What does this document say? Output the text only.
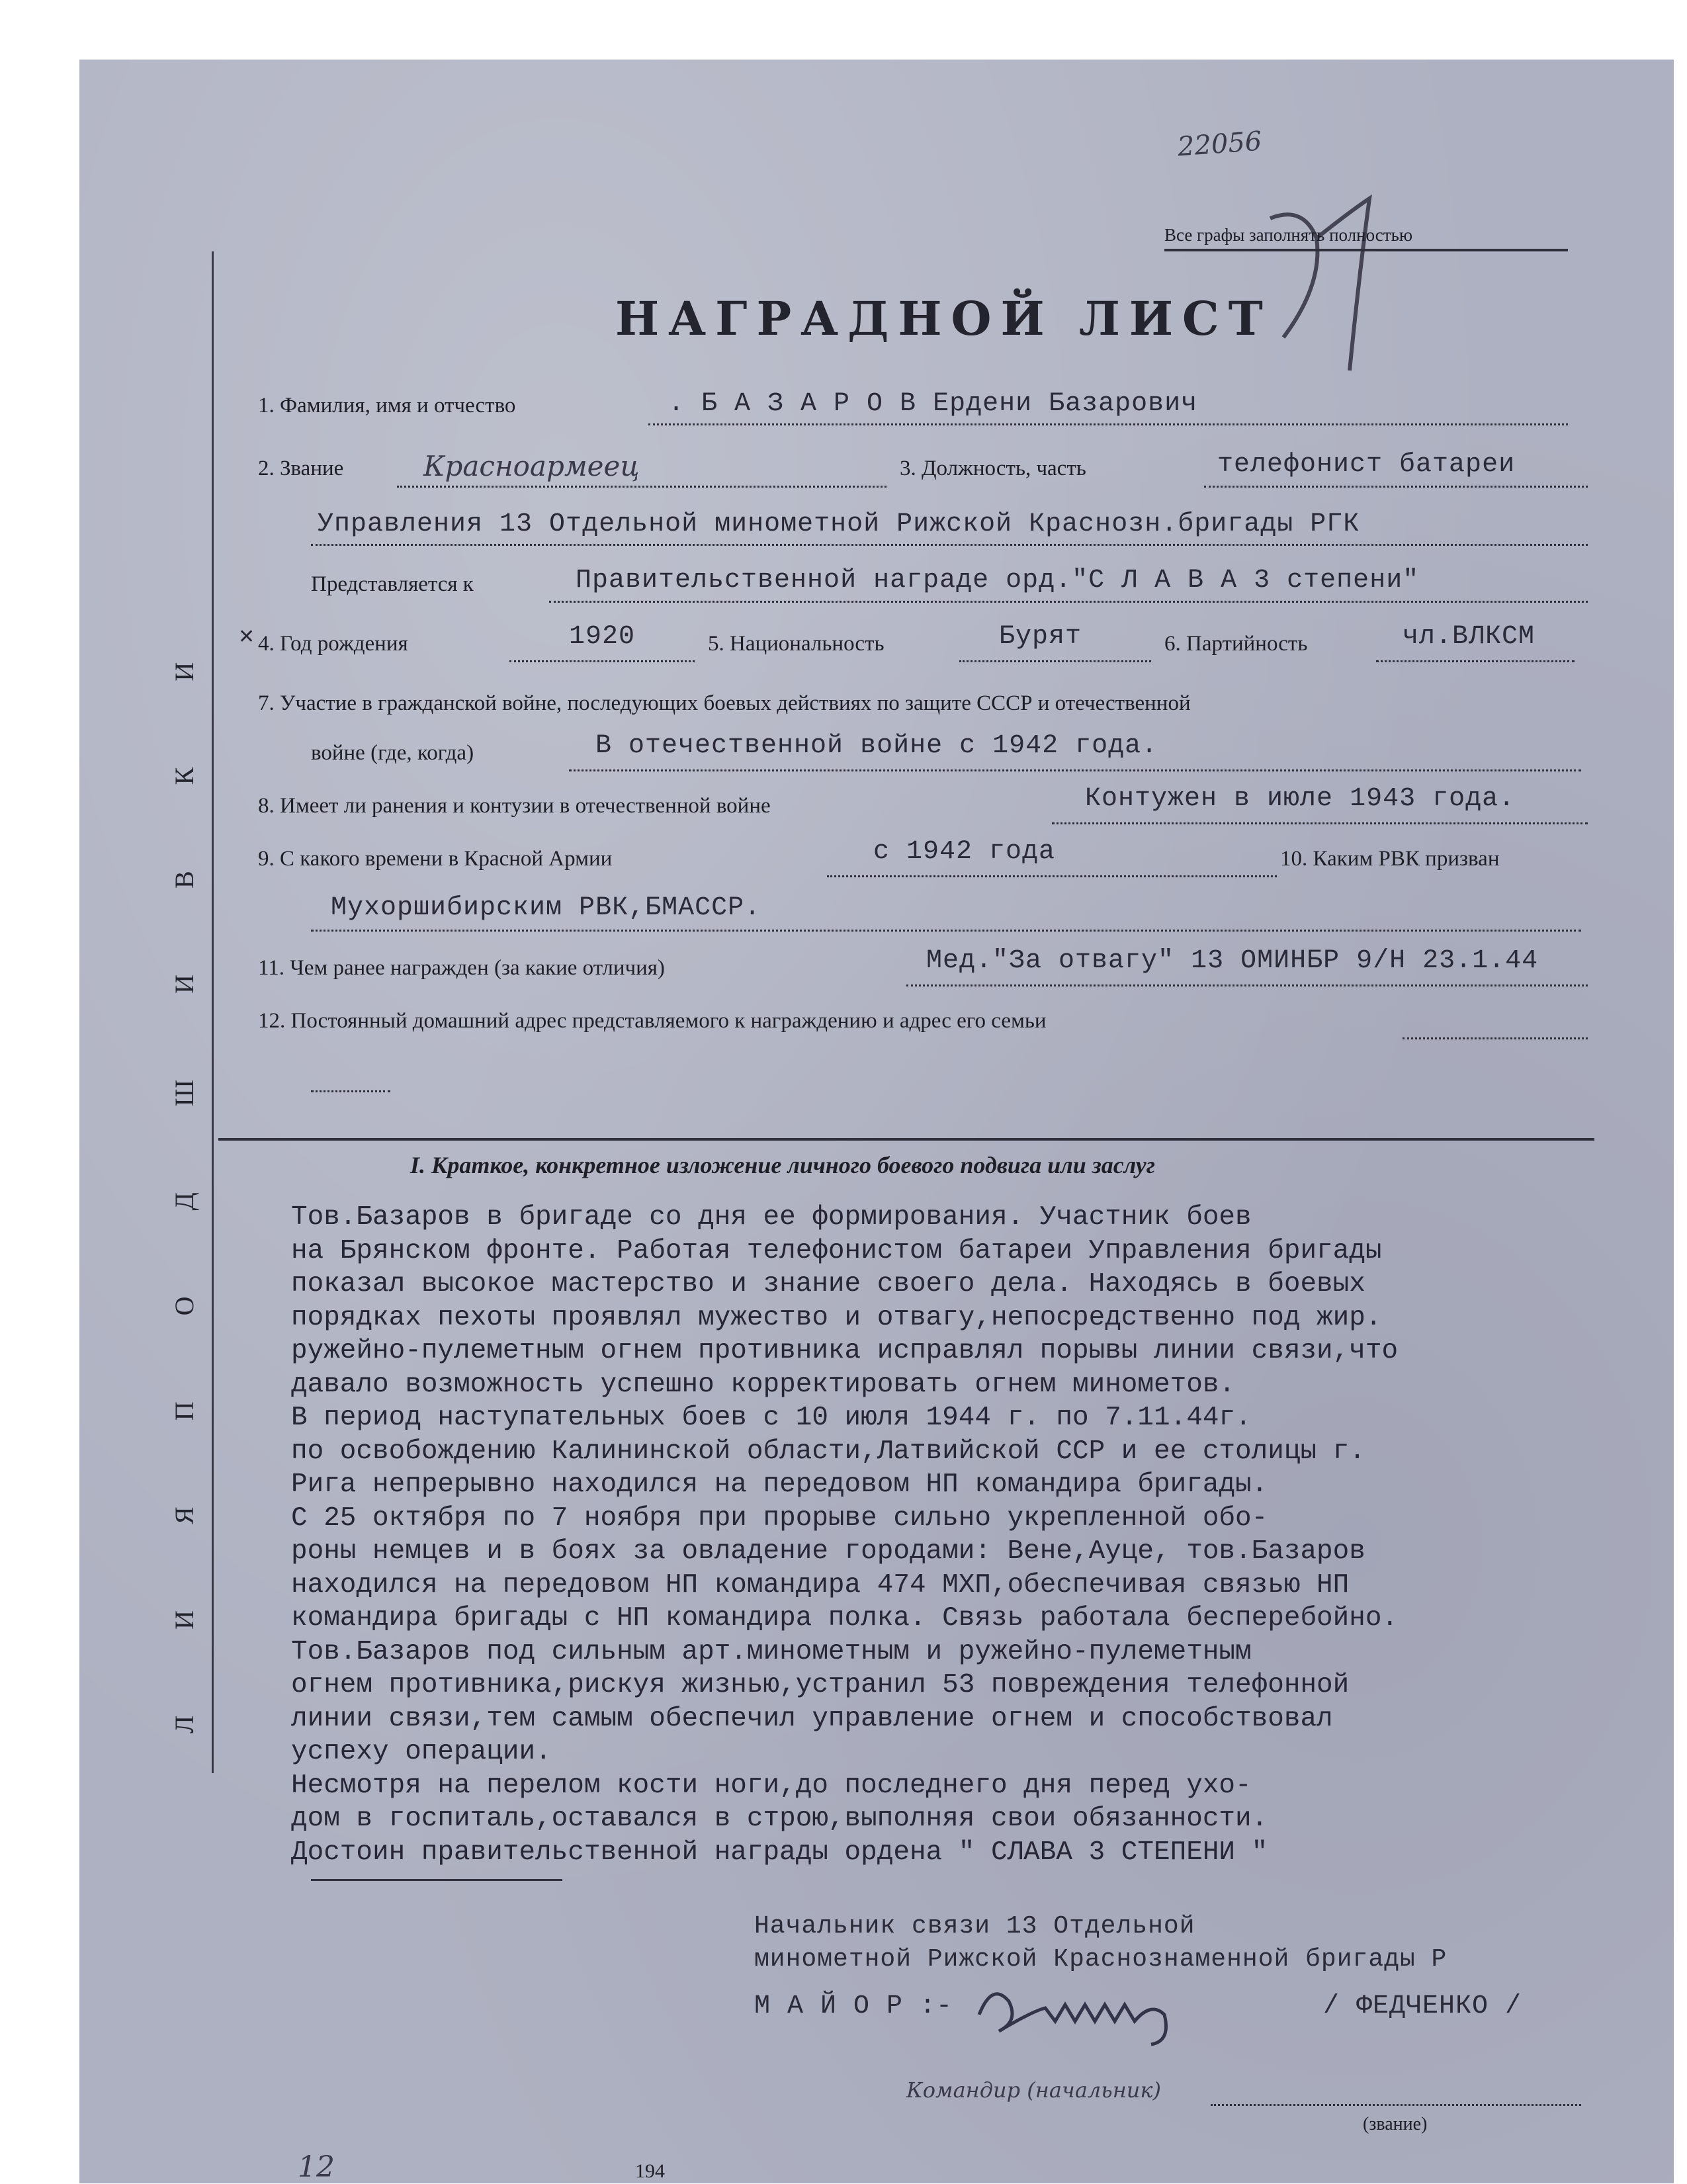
22056
Все графы заполнять полностью
НАГРАДНОЙ ЛИСТ
Л И Я П О Д Ш И В К И
1. Фамилия, имя и отчество	. Б А З А Р О В Ердени Базарович
2. Звание	Красноармеец	3. Должность, часть	телефонист батареи
Управления 13 Отдельной минометной Рижской Краснозн.бригады РГК
Представляется к	Правительственной награде орд."С Л А В А 3 степени"
✕ 4. Год рождения	1920	5. Национальность	Бурят	6. Партийность	чл.ВЛКСМ
7. Участие в гражданской войне, последующих боевых действиях по защите СССР и отечественной
войне (где, когда)	В отечественной войне с 1942 года.
8. Имеет ли ранения и контузии в отечественной войне	Контужен в июле 1943 года.
9. С какого времени в Красной Армии	с 1942 года	10. Каким РВК призван
Мухоршибирским РВК,БМАССР.
11. Чем ранее награжден (за какие отличия)	Мед."За отвагу" 13 ОМИНБР 9/Н 23.1.44
12. Постоянный домашний адрес представляемого к награждению и адрес его семьи
I. Краткое, конкретное изложение личного боевого подвига или заслуг
Тов.Базаров в бригаде со дня ее формирования. Участник боев
на Брянском фронте. Работая телефонистом батареи Управления бригады
показал высокое мастерство и знание своего дела. Находясь в боевых
порядках пехоты проявлял мужество и отвагу,непосредственно под жир.
ружейно-пулеметным огнем противника исправлял порывы линии связи,что
давало возможность успешно корректировать огнем минометов.
В период наступательных боев с 10 июля 1944 г. по 7.11.44г.
по освобождению Калининской области,Латвийской ССР и ее столицы г.
Рига непрерывно находился на передовом НП командира бригады.
С 25 октября по 7 ноября при прорыве сильно укрепленной обо-
роны немцев и в боях за овладение городами: Вене,Ауце, тов.Базаров
находился на передовом НП командира 474 МХП,обеспечивая связью НП
командира бригады с НП командира полка. Связь работала бесперебойно.
Тов.Базаров под сильным арт.минометным и ружейно-пулеметным
огнем противника,рискуя жизнью,устранил 53 повреждения телефонной
линии связи,тем самым обеспечил управление огнем и способствовал
успеху операции.
Несмотря на перелом кости ноги,до последнего дня перед ухо-
дом в госпиталь,оставался в строю,выполняя свои обязанности.
Достоин правительственной награды ордена " СЛАВА 3 СТЕПЕНИ "
Начальник связи 13 Отдельной
минометной Рижской Краснознаменной бригады Р
М А Й О Р :-	/ ФЕДЧЕНКО /
Командир (начальник)
(звание)
12	194
